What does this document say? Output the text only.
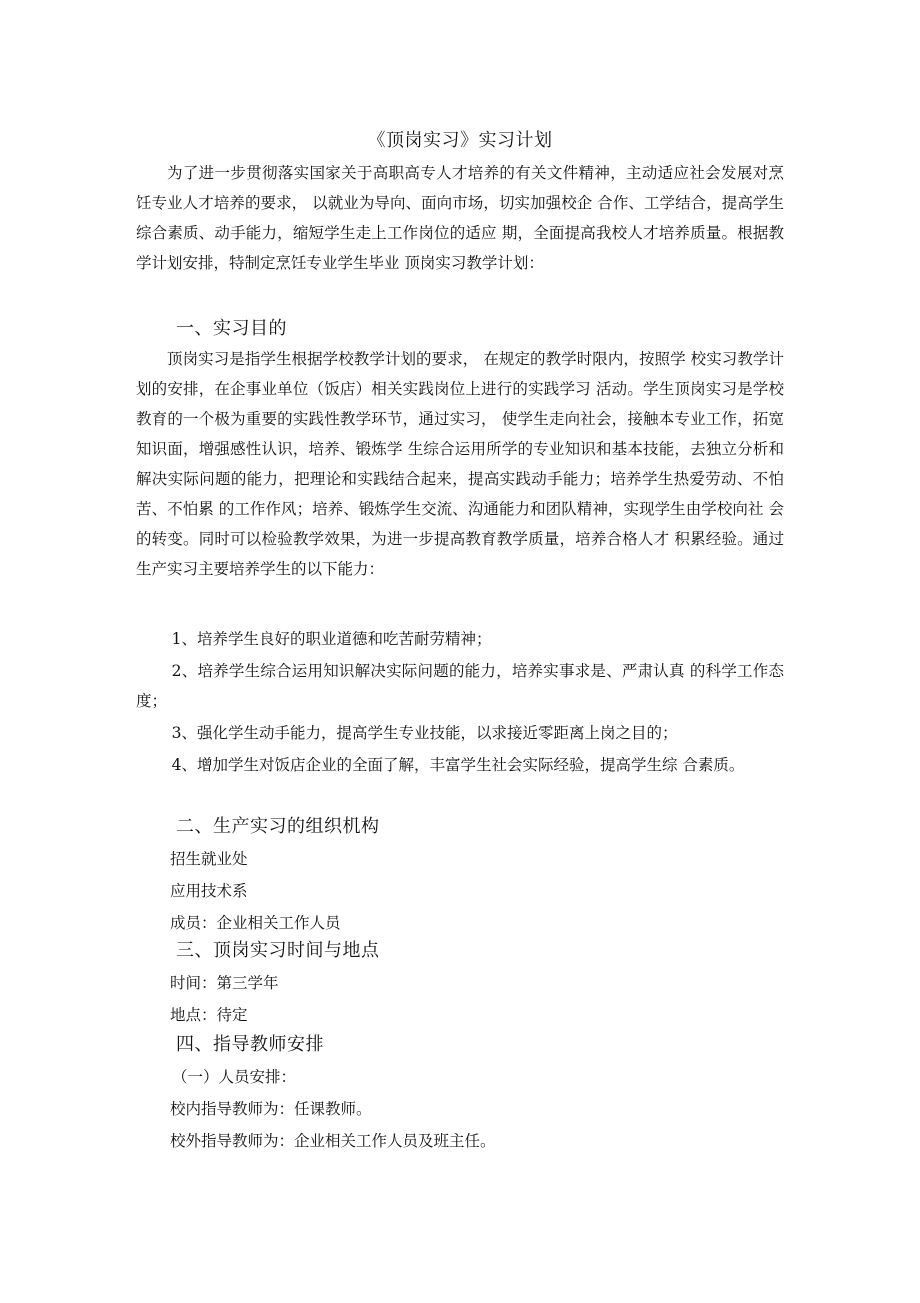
《顶岗实习》实习计划

为了进一步贯彻落实国家关于高职高专人才培养的有关文件精神，主动适应社会发展对烹饪专业人才培养的要求， 以就业为导向、面向市场，切实加强校企 合作、工学结合，提高学生综合素质、动手能力，缩短学生走上工作岗位的适应 期，全面提高我校人才培养质量。根据教学计划安排，特制定烹饪专业学生毕业 顶岗实习教学计划：

一、实习目的

顶岗实习是指学生根据学校教学计划的要求， 在规定的教学时限内，按照学 校实习教学计划的安排，在企事业单位（饭店）相关实践岗位上进行的实践学习 活动。学生顶岗实习是学校教育的一个极为重要的实践性教学环节，通过实习， 使学生走向社会，接触本专业工作，拓宽知识面，增强感性认识，培养、锻炼学 生综合运用所学的专业知识和基本技能，去独立分析和解决实际问题的能力，把理论和实践结合起来，提高实践动手能力；培养学生热爱劳动、不怕苦、不怕累 的工作作风；培养、锻炼学生交流、沟通能力和团队精神，实现学生由学校向社 会的转变。同时可以检验教学效果，为进一步提高教育教学质量，培养合格人才 积累经验。通过生产实习主要培养学生的以下能力：

1、培养学生良好的职业道德和吃苦耐劳精神；

2、培养学生综合运用知识解决实际问题的能力，培养实事求是、严肃认真 的科学工作态度；

3、强化学生动手能力，提高学生专业技能，以求接近零距离上岗之目的；

4、增加学生对饭店企业的全面了解，丰富学生社会实际经验，提高学生综 合素质。

二、生产实习的组织机构
招生就业处
应用技术系
成员：企业相关工作人员
三、顶岗实习时间与地点
时间：第三学年
地点：待定
四、指导教师安排
（一）人员安排：
校内指导教师为：任课教师。
校外指导教师为：企业相关工作人员及班主任。
